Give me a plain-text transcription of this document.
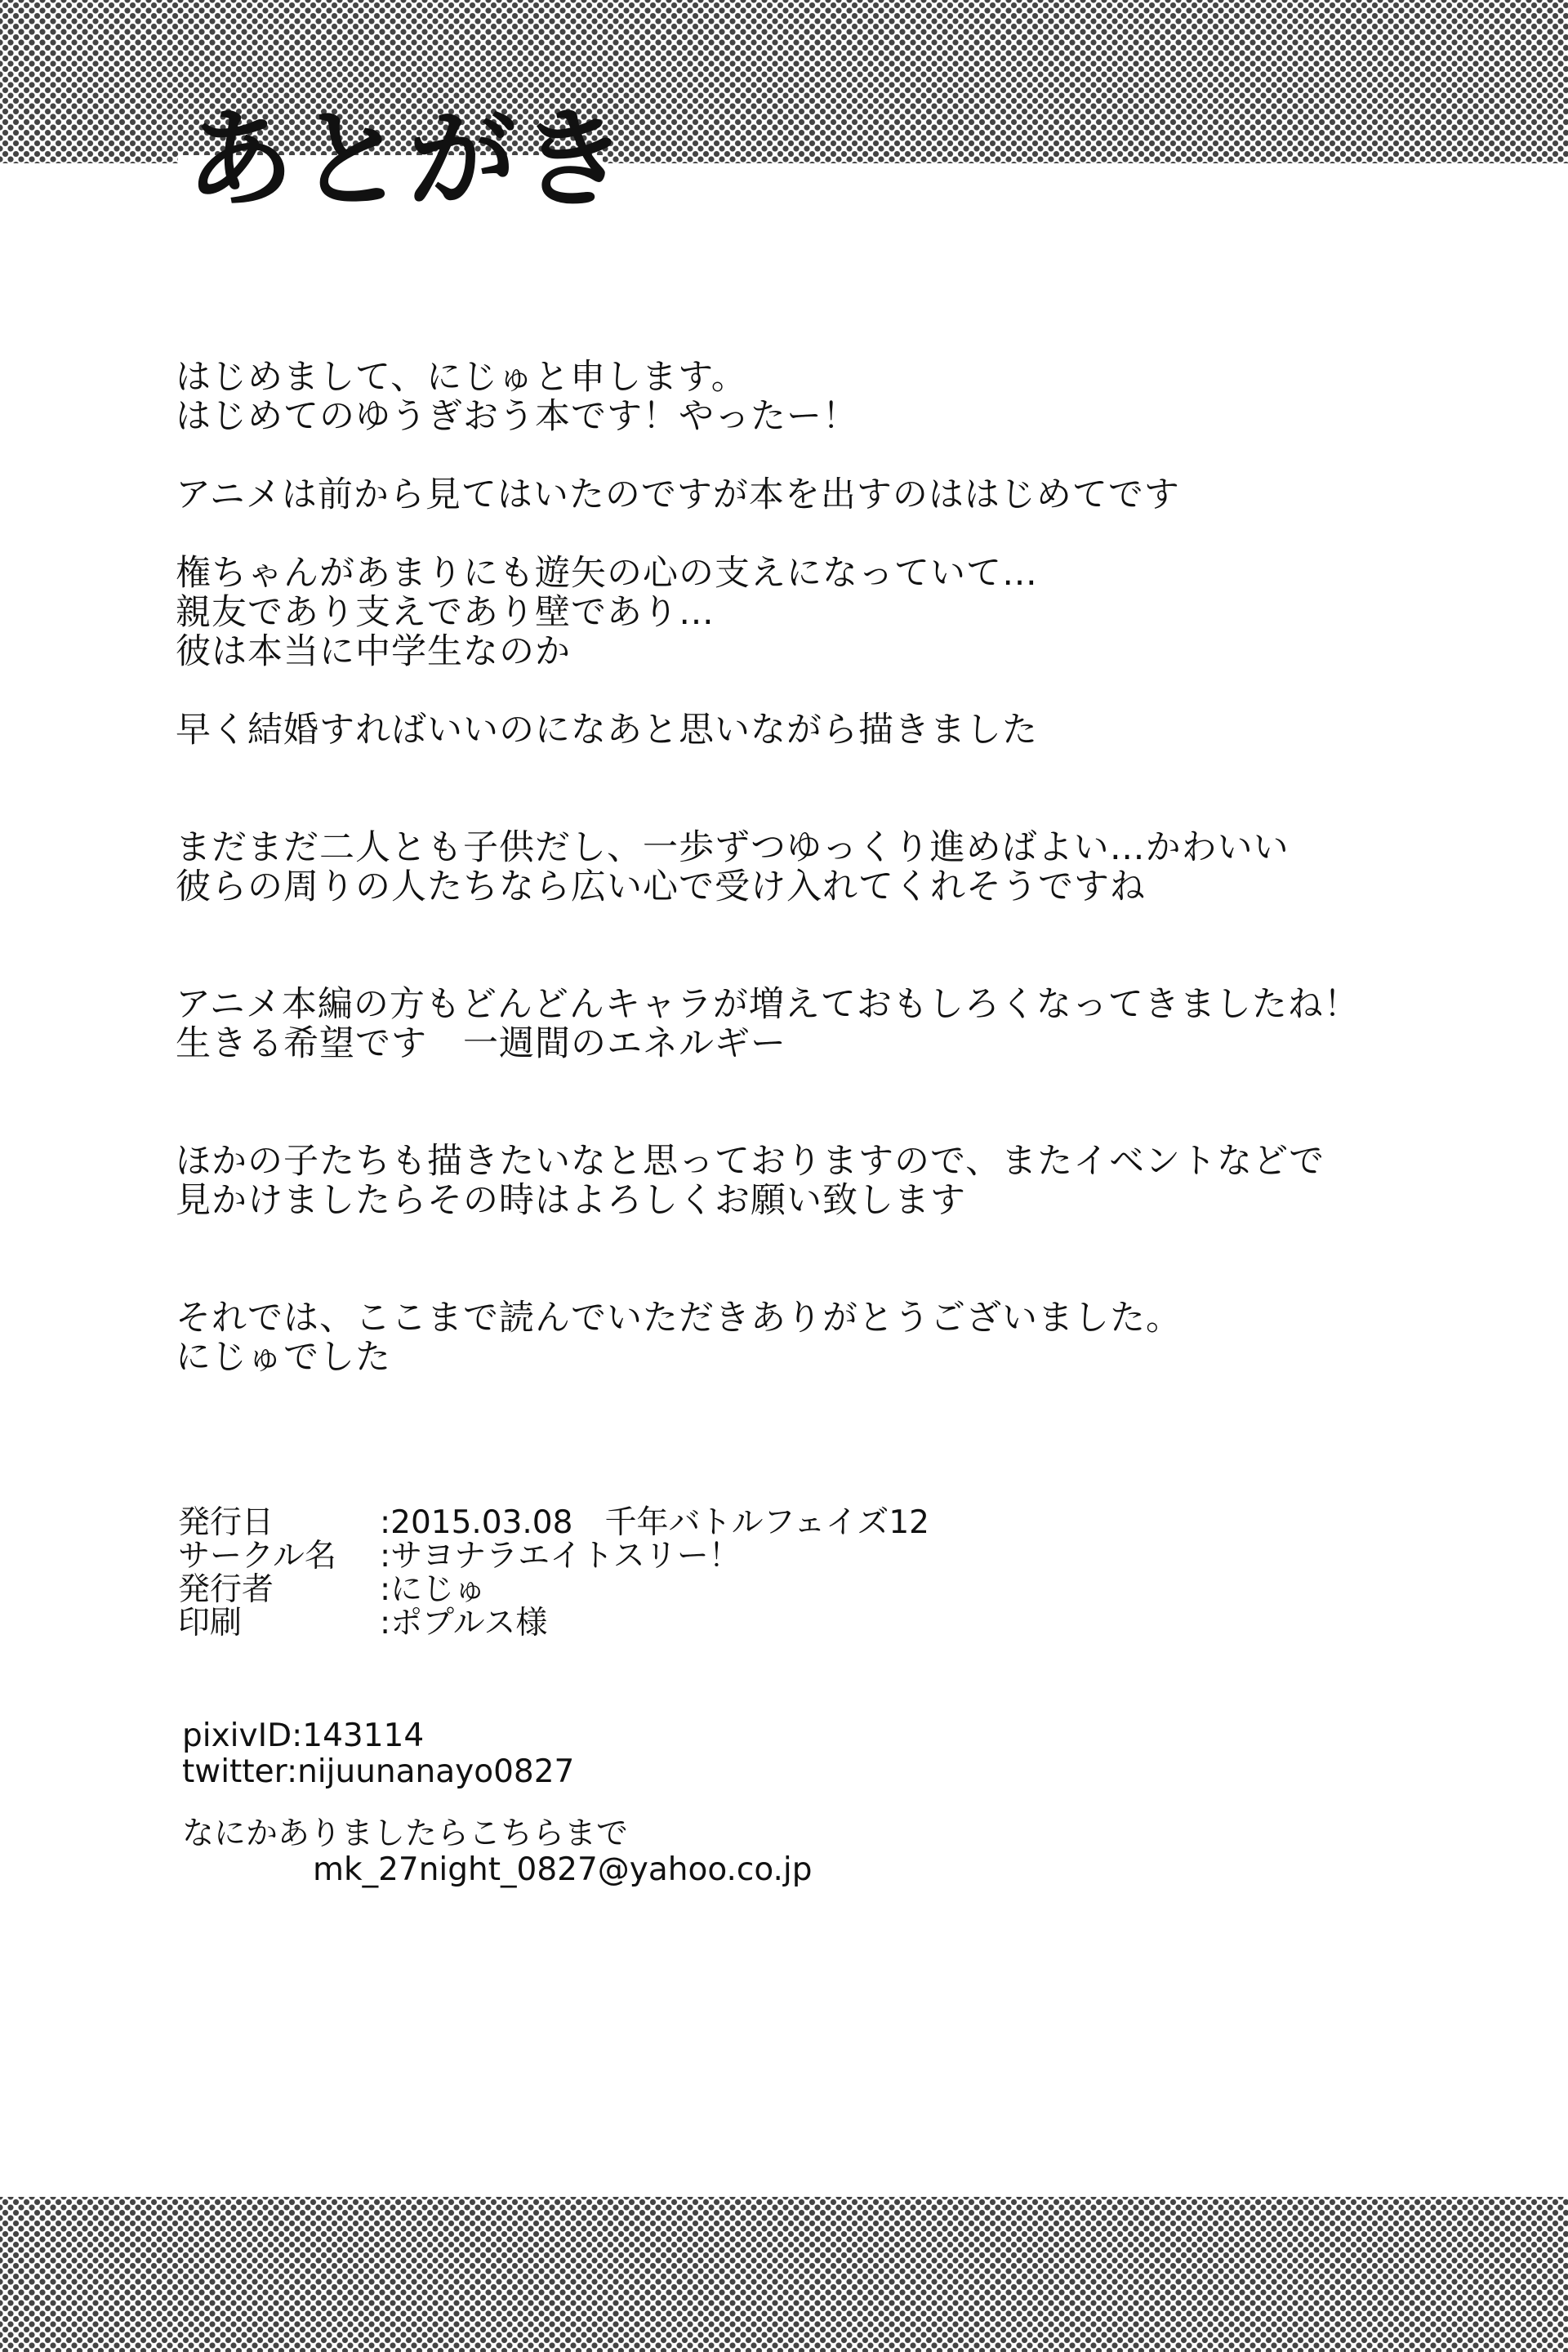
あとがき

はじめまして、にじゅと申します。
はじめてのゆうぎおう本です！やったー！

アニメは前から見てはいたのですが本を出すのははじめてです

権ちゃんがあまりにも遊矢の心の支えになっていて…
親友であり支えであり壁であり…
彼は本当に中学生なのか

早く結婚すればいいのになあと思いながら描きました

まだまだ二人とも子供だし、一歩ずつゆっくり進めばよい…かわいい
彼らの周りの人たちなら広い心で受け入れてくれそうですね

アニメ本編の方もどんどんキャラが増えておもしろくなってきましたね！
生きる希望です　一週間のエネルギー

ほかの子たちも描きたいなと思っておりますので、またイベントなどで
見かけましたらその時はよろしくお願い致します

それでは、ここまで読んでいただきありがとうございました。
にじゅでした

発行日	:2015.03.08　千年バトルフェイズ12
サークル名	:サヨナラエイトスリー！
発行者	:にじゅ
印刷	:ポプルス様
pixivID:143114
twitter:nijuunanayo0827
なにかありましたらこちらまで
mk_27night_0827@yahoo.co.jp
